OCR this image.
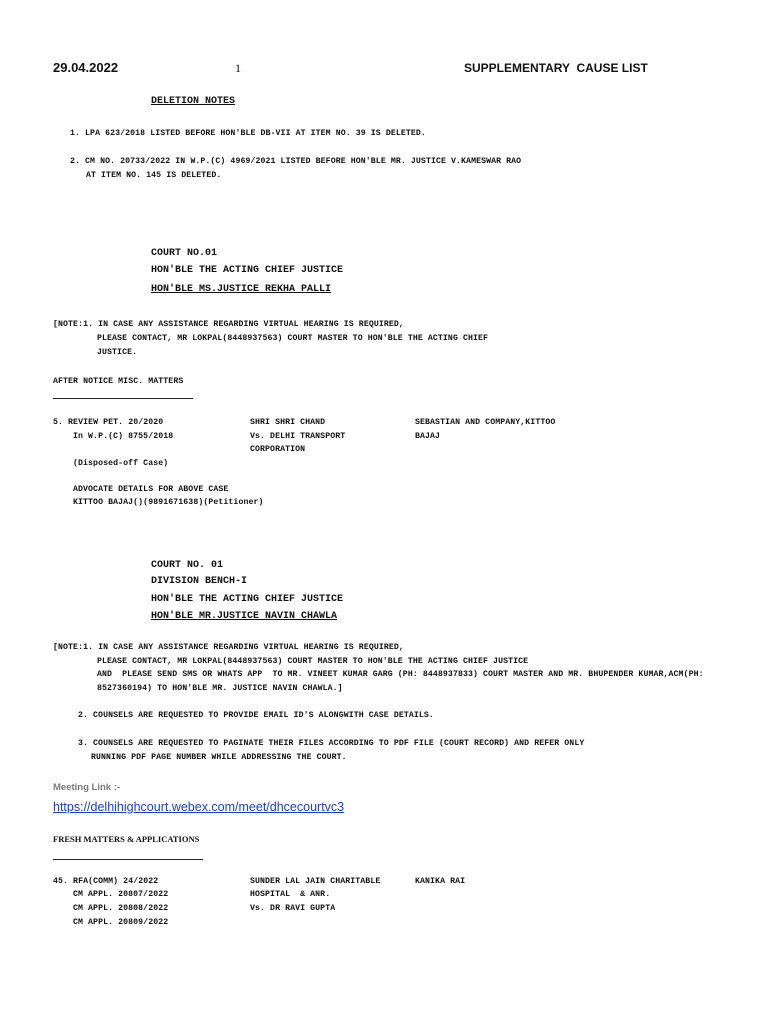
29.04.2022	1	SUPPLEMENTARY  CAUSE LIST
DELETION NOTES
1. LPA 623/2018 LISTED BEFORE HON'BLE DB-VII AT ITEM NO. 39 IS DELETED.
2. CM NO. 20733/2022 IN W.P.(C) 4969/2021 LISTED BEFORE HON'BLE MR. JUSTICE V.KAMESWAR RAO
AT ITEM NO. 145 IS DELETED.
COURT NO.01
HON'BLE THE ACTING CHIEF JUSTICE
HON'BLE MS.JUSTICE REKHA PALLI
[NOTE:1. IN CASE ANY ASSISTANCE REGARDING VIRTUAL HEARING IS REQUIRED,
PLEASE CONTACT, MR LOKPAL(8448937563) COURT MASTER TO HON'BLE THE ACTING CHIEF
JUSTICE.
AFTER NOTICE MISC. MATTERS
5. REVIEW PET. 20/2020
In W.P.(C) 8755/2018
SHRI SHRI CHAND
Vs. DELHI TRANSPORT
CORPORATION
SEBASTIAN AND COMPANY,KITTOO
BAJAJ
(Disposed-off Case)
ADVOCATE DETAILS FOR ABOVE CASE
KITTOO BAJAJ()(9891671638)(Petitioner)
COURT NO. 01
DIVISION BENCH-I
HON'BLE THE ACTING CHIEF JUSTICE
HON'BLE MR.JUSTICE NAVIN CHAWLA
[NOTE:1. IN CASE ANY ASSISTANCE REGARDING VIRTUAL HEARING IS REQUIRED,
PLEASE CONTACT, MR LOKPAL(8448937563) COURT MASTER TO HON'BLE THE ACTING CHIEF JUSTICE
AND  PLEASE SEND SMS OR WHATS APP  TO MR. VINEET KUMAR GARG (PH: 8448937833) COURT MASTER AND MR. BHUPENDER KUMAR,ACM(PH:
8527360194) TO HON'BLE MR. JUSTICE NAVIN CHAWLA.]
2. COUNSELS ARE REQUESTED TO PROVIDE EMAIL ID'S ALONGWITH CASE DETAILS.
3. COUNSELS ARE REQUESTED TO PAGINATE THEIR FILES ACCORDING TO PDF FILE (COURT RECORD) AND REFER ONLY
RUNNING PDF PAGE NUMBER WHILE ADDRESSING THE COURT.
Meeting Link :-
https://delhihighcourt.webex.com/meet/dhcecourtvc3
FRESH MATTERS & APPLICATIONS
45. RFA(COMM) 24/2022
CM APPL. 20807/2022
CM APPL. 20808/2022
CM APPL. 20809/2022
SUNDER LAL JAIN CHARITABLE
HOSPITAL  & ANR.
Vs. DR RAVI GUPTA
KANIKA RAI
